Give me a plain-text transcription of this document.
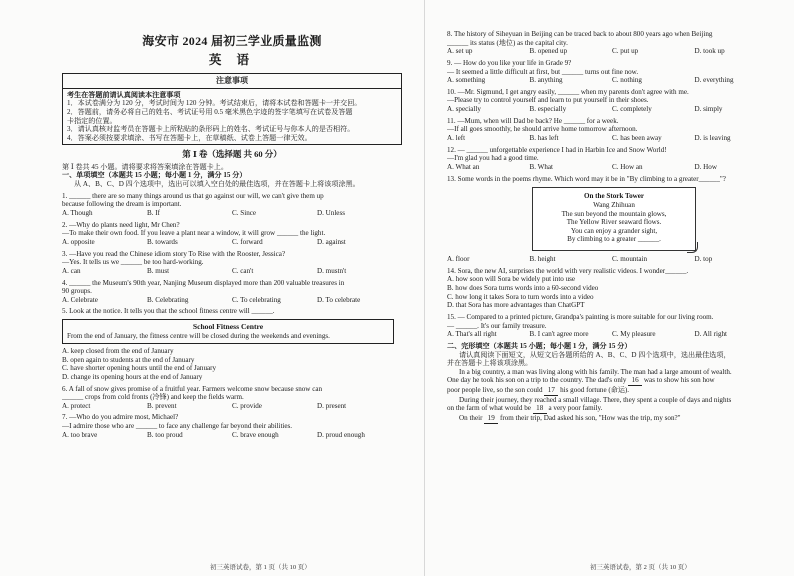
海安市 2024 届初三学业质量监测
英 语
注意事项
考生在答题前请认真阅读本注意事项
1．本试卷满分为 120 分，考试时间为 120 分钟。考试结束后，请将本试卷和答题卡一并交回。
2．答题前，请务必将自己的姓名、考试证号用 0.5 毫米黑色字迹的签字笔填写在试卷及答题
卡指定的位置。
3．请认真核对监考员在答题卡上所粘贴的条形码上的姓名、考试证号与你本人的是否相符。
4．答案必须按要求填涂、书写在答题卡上，在草稿纸、试卷上答题一律无效。
第 Ⅰ 卷（选择题 共 60 分）
第 Ⅰ 卷共 45 小题。请将要求将答案填涂在答题卡上。
一、单项填空（本题共 15 小题；每小题 1 分，满分 15 分）
从 A、B、C、D 四个选项中，选出可以填入空白处的最佳选项，并在答题卡上将该项涂黑。
1. ______ there are so many things around us that go against our will, we can't give them up
because following the dream is important.
A. Though	B. If	C. Since	D. Unless
2. —Why do plants need light, Mr Chen?
—To make their own food. If you leave a plant near a window, it will grow ______ the light.
A. opposite	B. towards	C. forward	D. against
3. —Have you read the Chinese idiom story To Rise with the Rooster, Jessica?
—Yes. It tells us we ______ be too hard-working.
A. can	B. must	C. can't	D. mustn't
4. ______ the Museum's 90th year, Nanjing Museum displayed more than 200 valuable treasures in
90 groups.
A. Celebrate	B. Celebrating	C. To celebrating	D. To celebrate
5. Look at the notice. It tells you that the school fitness centre will ______.
School Fitness Centre
From the end of January, the fitness centre will be closed during the weekends and evenings.
A. keep closed from the end of January
B. open again to students at the end of January
C. have shorter opening hours until the end of January
D. change its opening hours at the end of January
6. A fall of snow gives promise of a fruitful year. Farmers welcome snow because snow can
______ crops from cold fronts (冷锋) and keep the fields warm.
A. protect	B. prevent	C. provide	D. present
7. —Who do you admire most, Michael?
—I admire those who are ______ to face any challenge far beyond their abilities.
A. too brave	B. too proud	C. brave enough	D. proud enough
8. The history of Siheyuan in Beijing can be traced back to about 800 years ago when Beijing
______ its status (地位) as the capital city.
A. set up	B. opened up	C. put up	D. took up
9. — How do you like your life in Grade 9?
— It seemed a little difficult at first, but ______ turns out fine now.
A. something	B. anything	C. nothing	D. everything
10. —Mr. Sigmund, I get angry easily, ______ when my parents don't agree with me.
—Please try to control yourself and learn to put yourself in their shoes.
A. specially	B. especially	C. completely	D. simply
11. —Mum, when will Dad be back? He ______ for a week.
—If all goes smoothly, he should arrive home tomorrow afternoon.
A. left	B. has left	C. has been away	D. is leaving
12. — ______ unforgettable experience I had in Harbin Ice and Snow World!
—I'm glad you had a good time.
A. What an	B. What	C. How an	D. How
13. Some words in the poems rhyme. Which word may it be in "By climbing to a greater______"?
On the Stork Tower
Wang Zhihuan
The sun beyond the mountain glows,
The Yellow River seaward flows.
You can enjoy a grander sight,
By climbing to a greater ______.
A. floor	B. height	C. mountain	D. top
14. Sora, the new AI, surprises the world with very realistic videos. I wonder______.
A. how soon will Sora be widely put into use
B. how does Sora turns words into a 60-second video
C. how long it takes Sora to turn words into a video
D. that Sora has more advantages than ChatGPT
15. — Compared to a printed picture, Grandpa's painting is more suitable for our living room.
— ______. It's our family treasure.
A. That's all right	B. I can't agree more	C. My pleasure	D. All right
二、完形填空（本题共 15 小题；每小题 1 分，满分 15 分）
请认真阅读下面短文，从短文后各题所给的 A、B、C、D 四个选项中，选出最佳选项，
并在答题卡上将该项涂黑。
In a big country, a man was living along with his family. The man had a large amount of wealth.
One day he took his son on a trip to the country. The dad's only 16 was to show his son how
poor people live, so the son could 17 his good fortune (命运).
During their journey, they reached a small village. There, they spent a couple of days and nights
on the farm of what would be 18 a very poor family.
On their 19 from their trip, Dad asked his son, "How was the trip, my son?"
初三英语试卷，第 1 页（共 10 页）	初三英语试卷，第 2 页（共 10 页）
